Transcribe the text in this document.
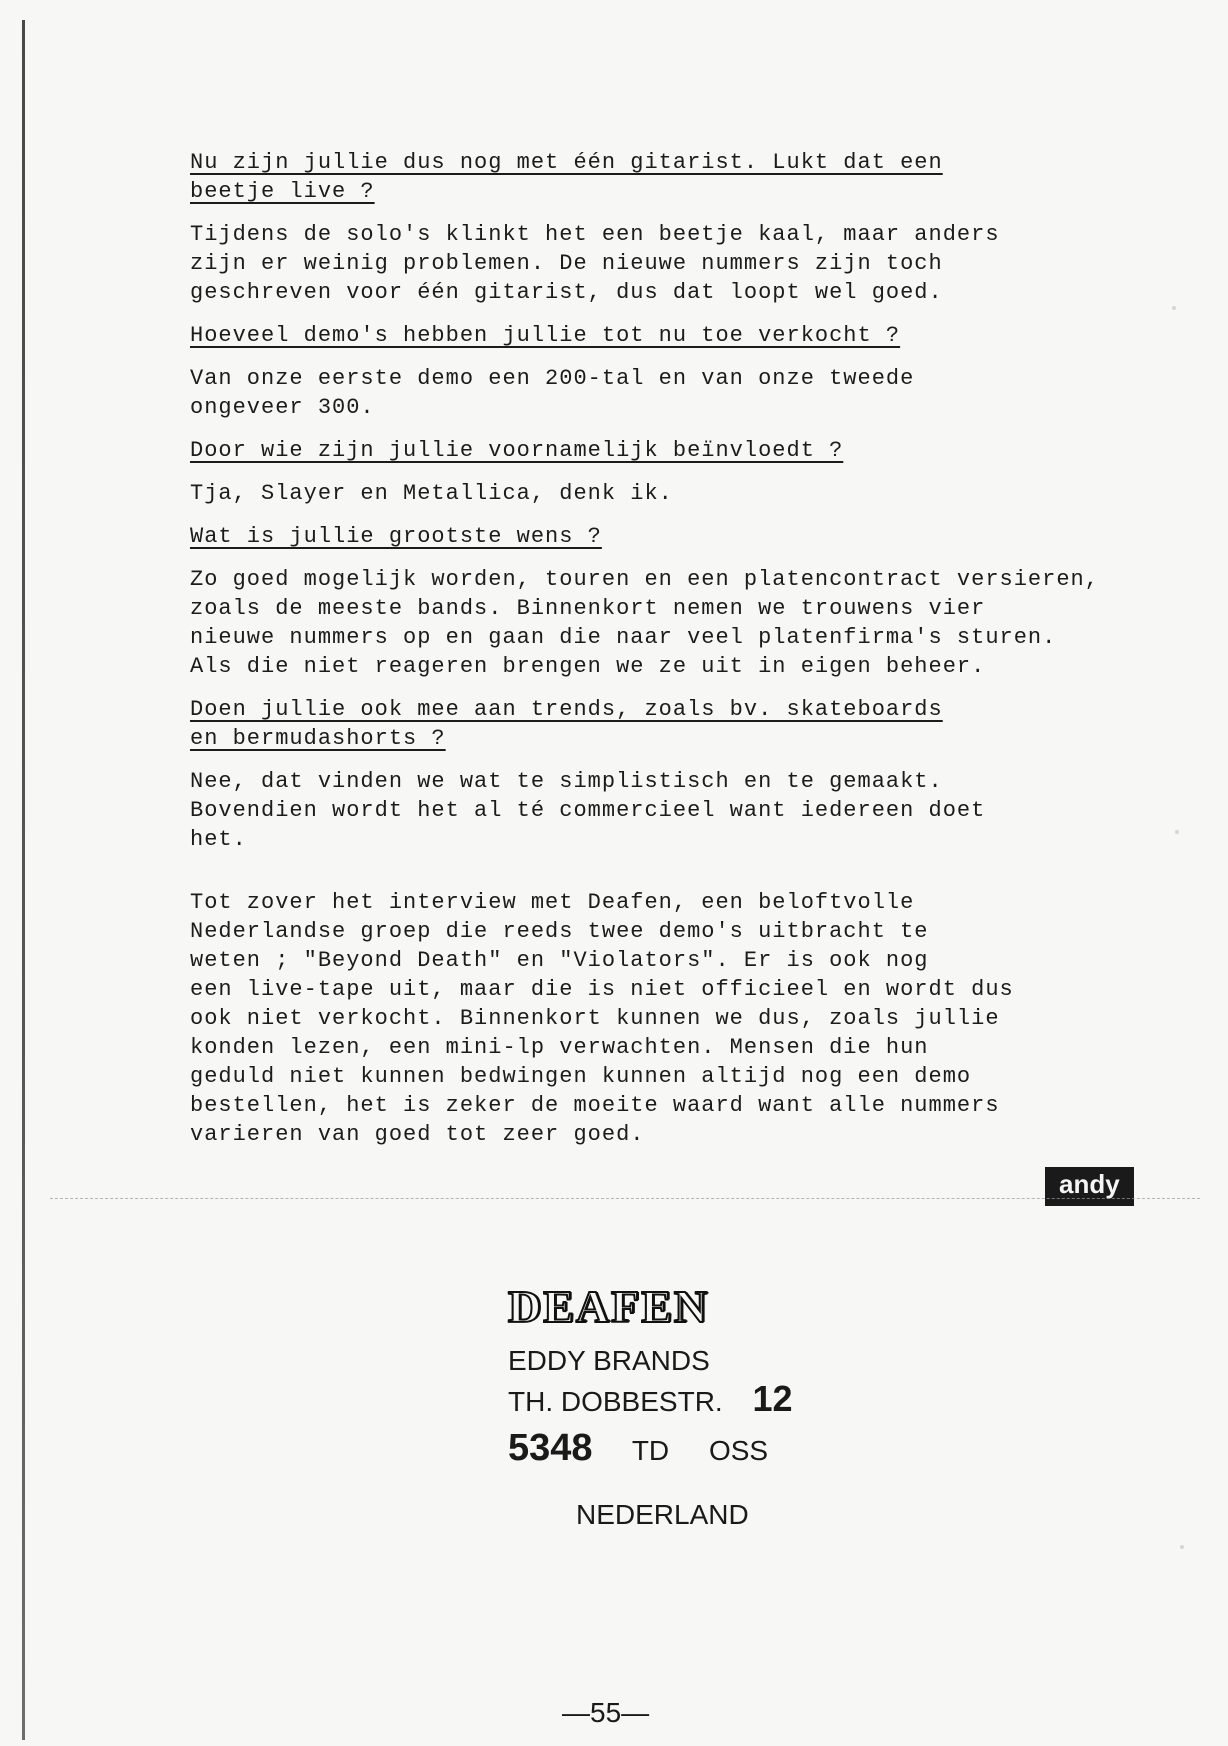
Nu zijn jullie dus nog met één gitarist. Lukt dat een
beetje live ?
Tijdens de solo's klinkt het een beetje kaal, maar anders
zijn er weinig problemen. De nieuwe nummers zijn toch
geschreven voor één gitarist, dus dat loopt wel goed.
Hoeveel demo's hebben jullie tot nu toe verkocht ?
Van onze eerste demo een 200-tal en van onze tweede
ongeveer 300.
Door wie zijn jullie voornamelijk beïnvloedt ?
Tja, Slayer en Metallica, denk ik.
Wat is jullie grootste wens ?
Zo goed mogelijk worden, touren en een platencontract versieren,
zoals de meeste bands. Binnenkort nemen we trouwens vier
nieuwe nummers op en gaan die naar veel platenfirma's sturen.
Als die niet reageren brengen we ze uit in eigen beheer.
Doen jullie ook mee aan trends, zoals bv. skateboards
en bermudashorts ?
Nee, dat vinden we wat te simplistisch en te gemaakt.
Bovendien wordt het al té commercieel want iedereen doet
het.
Tot zover het interview met Deafen, een beloftvolle
Nederlandse groep die reeds twee demo's uitbracht te
weten ; "Beyond Death" en "Violators". Er is ook nog
een live-tape uit, maar die is niet officieel en wordt dus
ook niet verkocht. Binnenkort kunnen we dus, zoals jullie
konden lezen, een mini-lp verwachten. Mensen die hun
geduld niet kunnen bedwingen kunnen altijd nog een demo
bestellen, het is zeker de moeite waard want alle nummers
varieren van goed tot zeer goed.
andy
DEAFEN
EDDY BRANDS
TH. DOBBESTR. 12
5348 TD OSS
NEDERLAND
—55—
